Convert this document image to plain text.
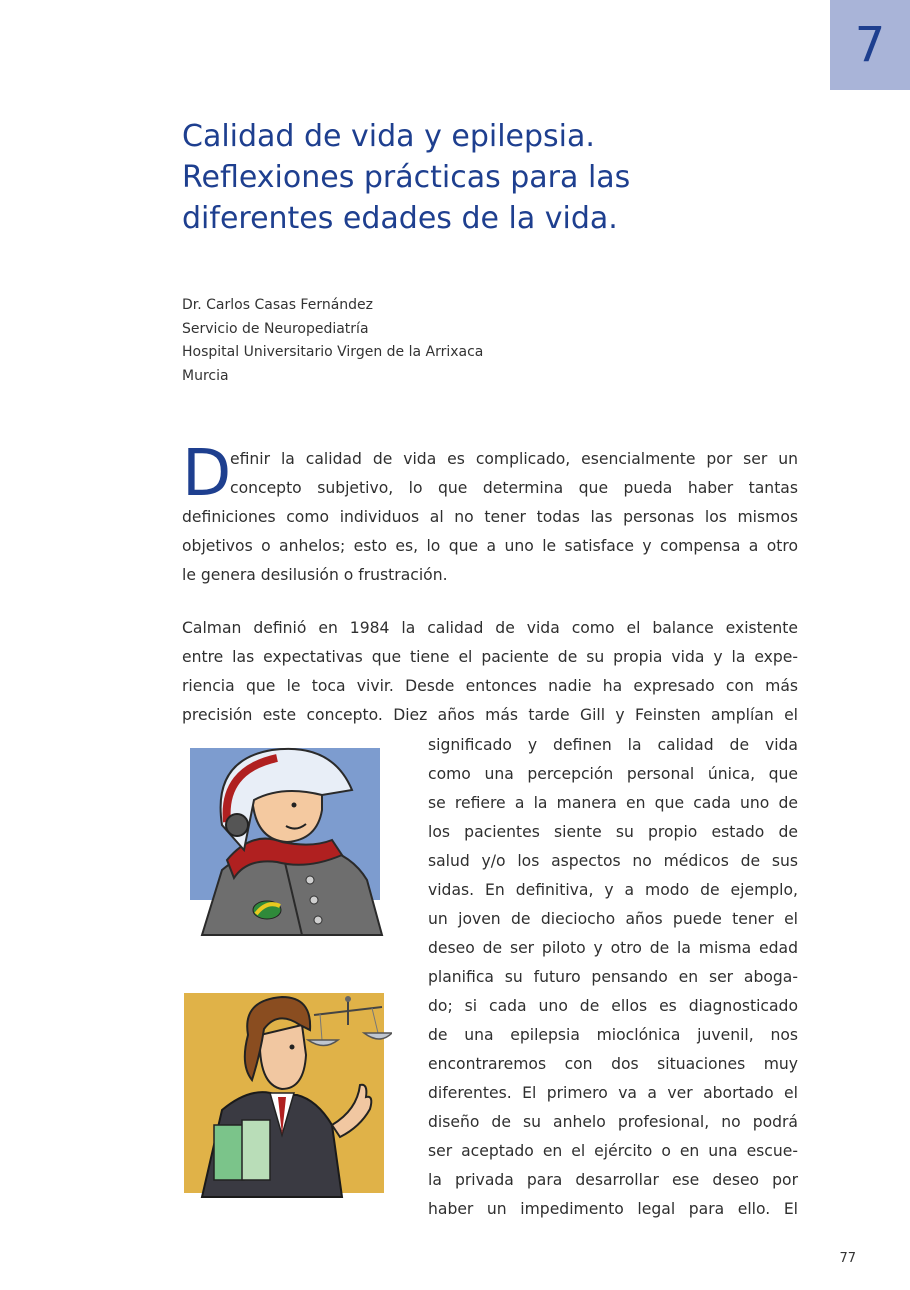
7
Calidad de vida y epilepsia.
Reflexiones prácticas para las
diferentes edades de la vida.
Dr. Carlos Casas Fernández
Servicio de Neuropediatría
Hospital Universitario Virgen de la Arrixaca
Murcia
D
efinir la calidad de vida es complicado, esencialmente por ser un
concepto subjetivo, lo que determina que pueda haber tantas
definiciones como individuos al no tener todas las personas los mismos
objetivos o anhelos; esto es, lo que a uno le satisface y compensa a otro
le genera desilusión o frustración.
Calman definió en 1984 la calidad de vida como el balance existente
entre las expectativas que tiene el paciente de su propia vida y la expe-
riencia que le toca vivir. Desde entonces nadie ha expresado con más
precisión este concepto. Diez años más tarde Gill y Feinsten amplían el
significado y definen la calidad de vida
como una percepción personal única, que
se refiere a la manera en que cada uno de
los pacientes siente su propio estado de
salud y/o los aspectos no médicos de sus
vidas. En definitiva, y a modo de ejemplo,
un joven de dieciocho años puede tener el
deseo de ser piloto y otro de la misma edad
planifica su futuro pensando en ser aboga-
do; si cada uno de ellos es diagnosticado
de una epilepsia mioclónica juvenil, nos
encontraremos con dos situaciones muy
diferentes. El primero va a ver abortado el
diseño de su anhelo profesional, no podrá
ser aceptado en el ejército o en una escue-
la privada para desarrollar ese deseo por
haber un impedimento legal para ello. El
77
